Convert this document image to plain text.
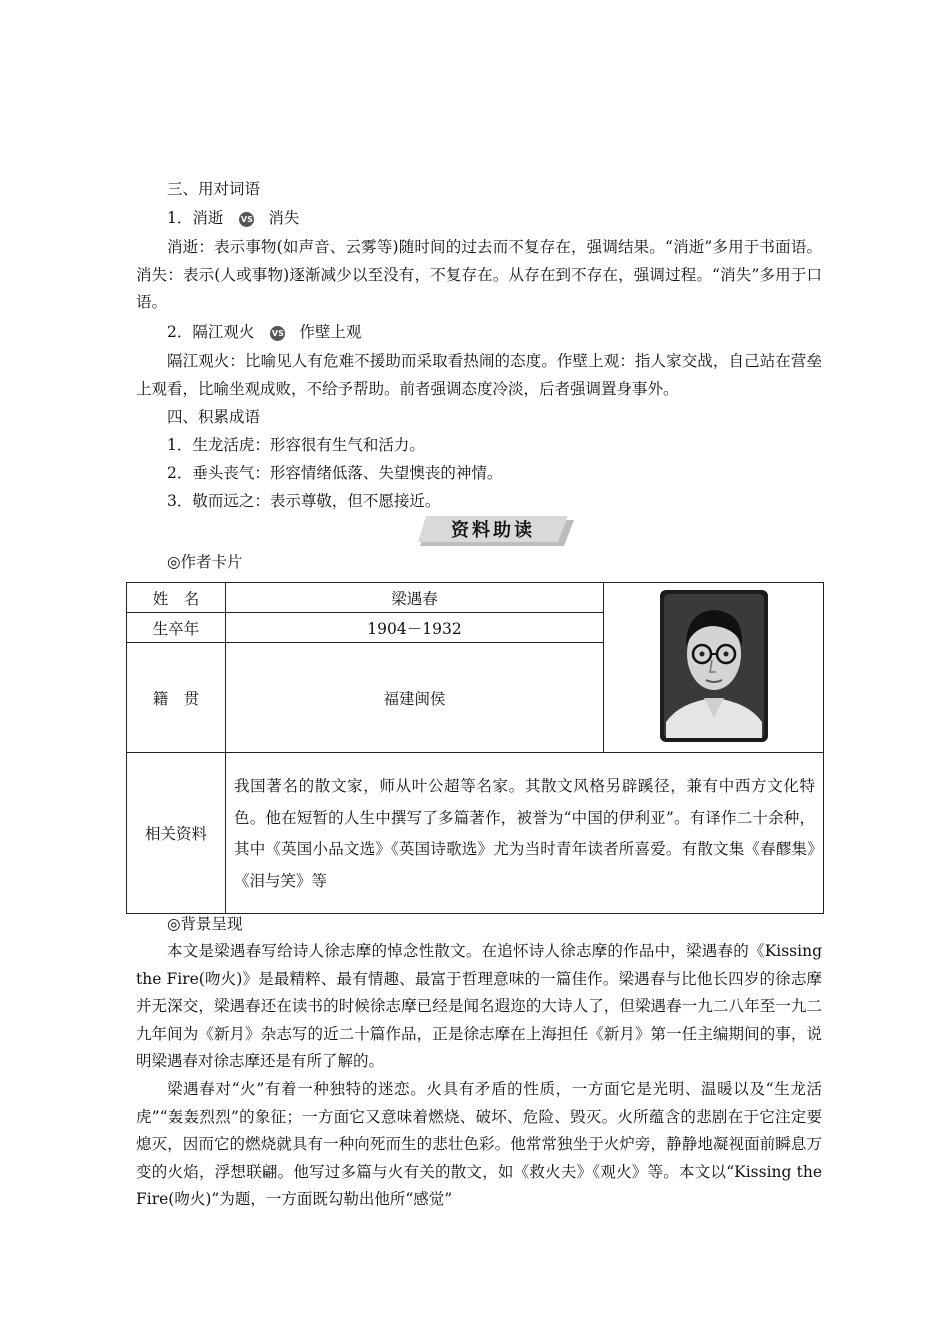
三、用对词语
1．消逝 VS 消失
消逝：表示事物(如声音、云雾等)随时间的过去而不复存在，强调结果。“消逝”多用于书面语。消失：表示(人或事物)逐渐减少以至没有，不复存在。从存在到不存在，强调过程。“消失”多用于口语。
2．隔江观火 VS 作壁上观
隔江观火：比喻见人有危难不援助而采取看热闹的态度。作壁上观：指人家交战，自己站在营垒上观看，比喻坐观成败，不给予帮助。前者强调态度冷淡，后者强调置身事外。
四、积累成语
1．生龙活虎：形容很有生气和活力。
2．垂头丧气：形容情绪低落、失望懊丧的神情。
3．敬而远之：表示尊敬，但不愿接近。
资料助读
◎作者卡片
姓　名	梁遇春	
生卒年	1904－1932	
籍　贯	福建闽侯	
相关资料	我国著名的散文家，师从叶公超等名家。其散文风格另辟蹊径，兼有中西方文化特色。他在短暂的人生中撰写了多篇著作，被誉为“中国的伊利亚”。有译作二十余种，其中《英国小品文选》《英国诗歌选》尤为当时青年读者所喜爱。有散文集《春醪集》《泪与笑》等	
◎背景呈现
本文是梁遇春写给诗人徐志摩的悼念性散文。在追怀诗人徐志摩的作品中，梁遇春的《Kissing the Fire(吻火)》是最精粹、最有情趣、最富于哲理意味的一篇佳作。梁遇春与比他长四岁的徐志摩并无深交，梁遇春还在读书的时候徐志摩已经是闻名遐迩的大诗人了，但梁遇春一九二八年至一九二九年间为《新月》杂志写的近二十篇作品，正是徐志摩在上海担任《新月》第一任主编期间的事，说明梁遇春对徐志摩还是有所了解的。
梁遇春对“火”有着一种独特的迷恋。火具有矛盾的性质，一方面它是光明、温暖以及“生龙活虎”“轰轰烈烈”的象征；一方面它又意味着燃烧、破坏、危险、毁灭。火所蕴含的悲剧在于它注定要熄灭，因而它的燃烧就具有一种向死而生的悲壮色彩。他常常独坐于火炉旁，静静地凝视面前瞬息万变的火焰，浮想联翩。他写过多篇与火有关的散文，如《救火夫》《观火》等。本文以“Kissing the Fire(吻火)”为题，一方面既勾勒出他所“感觉”
